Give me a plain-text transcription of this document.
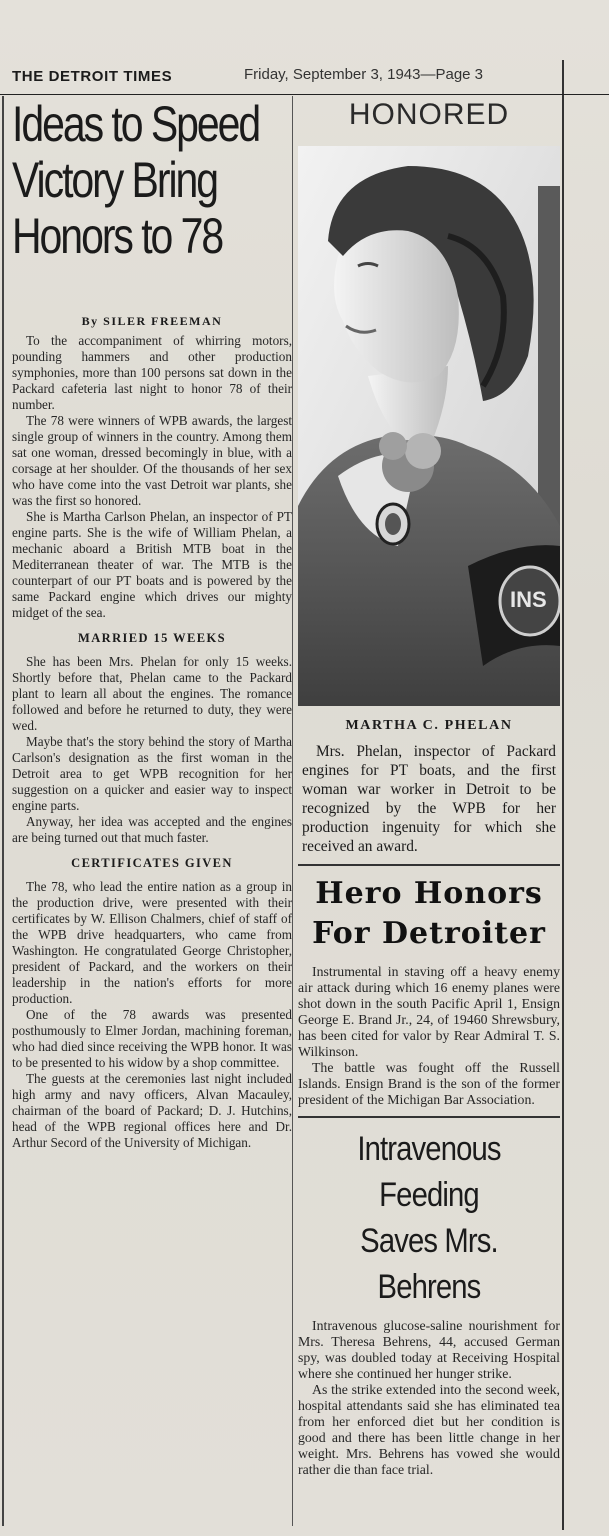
THE DETROIT TIMES	Friday, September 3, 1943—Page 3
Ideas to Speed
Victory Bring
Honors to 78
By SILER FREEMAN

To the accompaniment of whirring motors, pounding hammers and other production symphonies, more than 100 persons sat down in the Packard cafeteria last night to honor 78 of their number.

The 78 were winners of WPB awards, the largest single group of winners in the country. Among them sat one woman, dressed becomingly in blue, with a corsage at her shoulder. Of the thousands of her sex who have come into the vast Detroit war plants, she was the first so honored.

She is Martha Carlson Phelan, an inspector of PT engine parts. She is the wife of William Phelan, a mechanic aboard a British MTB boat in the Mediterranean theater of war. The MTB is the counterpart of our PT boats and is powered by the same Packard engine which drives our mighty midget of the sea.

MARRIED 15 WEEKS

She has been Mrs. Phelan for only 15 weeks. Shortly before that, Phelan came to the Packard plant to learn all about the engines. The romance followed and before he returned to duty, they were wed.

Maybe that's the story behind the story of Martha Carlson's designation as the first woman in the Detroit area to get WPB recognition for her suggestion on a quicker and easier way to inspect engine parts.

Anyway, her idea was accepted and the engines are being turned out that much faster.

CERTIFICATES GIVEN

The 78, who lead the entire nation as a group in the production drive, were presented with their certificates by W. Ellison Chalmers, chief of staff of the WPB drive headquarters, who came from Washington. He congratulated George Christopher, president of Packard, and the workers on their leadership in the nation's efforts for more production.

One of the 78 awards was presented posthumously to Elmer Jordan, machining foreman, who had died since receiving the WPB honor. It was to be presented to his widow by a shop committee.

The guests at the ceremonies last night included high army and navy officers, Alvan Macauley, chairman of the board of Packard; D. J. Hutchins, head of the WPB regional offices here and Dr. Arthur Secord of the University of Michigan.

HONORED
INS
MARTHA C. PHELAN

Mrs. Phelan, inspector of Packard engines for PT boats, and the first woman war worker in Detroit to be recognized by the WPB for her production ingenuity for which she received an award.

Hero Honors
For Detroiter

Instrumental in staving off a heavy enemy air attack during which 16 enemy planes were shot down in the south Pacific April 1, Ensign George E. Brand Jr., 24, of 19460 Shrewsbury, has been cited for valor by Rear Admiral T. S. Wilkinson.

The battle was fought off the Russell Islands. Ensign Brand is the son of the former president of the Michigan Bar Association.

Intravenous Feeding
Saves Mrs. Behrens

Intravenous glucose-saline nourishment for Mrs. Theresa Behrens, 44, accused German spy, was doubled today at Receiving Hospital where she continued her hunger strike.

As the strike extended into the second week, hospital attendants said she has eliminated tea from her enforced diet but her condition is good and there has been little change in her weight. Mrs. Behrens has vowed she would rather die than face trial.
